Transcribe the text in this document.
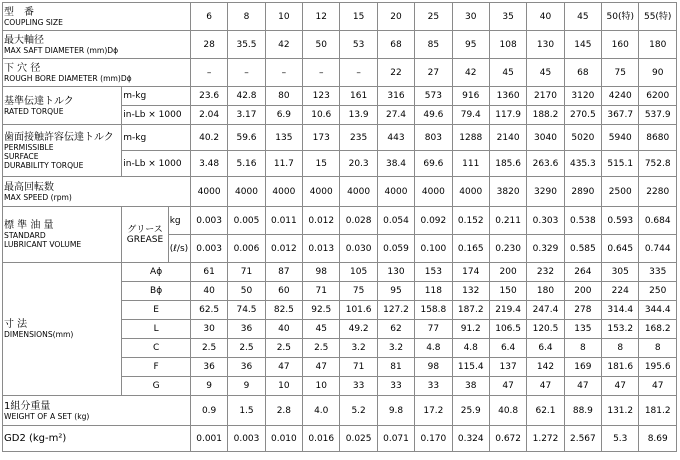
型　番
COUPLING SIZE			6	8	10	12	15	20	25	30	35	40	45	50(特)	55(特)

最大軸径
MAX SAFT DIAMETER (mm)Dϕ			28	35.5	42	50	53	68	85	95	108	130	145	160	180

下 穴 径
ROUGH BORE DIAMETER (mm)Dϕ			–	–	–	–	–	22	27	42	45	45	68	75	90

基準伝達トルク
RATED TORQUE	m-kg		23.6	42.8	80	123	161	316	573	916	1360	2170	3120	4240	6200
	in-Lb × 1000		2.04	3.17	6.9	10.6	13.9	27.4	49.6	79.4	117.9	188.2	270.5	367.7	537.9

歯面接触許容伝達トルク
PERMISSIBLE
SURFACE
DURABILITY TORQUE	m-kg		40.2	59.6	135	173	235	443	803	1288	2140	3040	5020	5940	8680
	in-Lb × 1000		3.48	5.16	11.7	15	20.3	38.4	69.6	111	185.6	263.6	435.3	515.1	752.8

最高回転数
MAX SPEED (rpm)			4000	4000	4000	4000	4000	4000	4000	4000	3820	3290	2890	2500	2280

標 準 油 量
STANDARD
LUBRICANT VOLUME	グリース
GREASE	kg	0.003	0.005	0.011	0.012	0.028	0.054	0.092	0.152	0.211	0.303	0.538	0.593	0.684
		(ℓ/s)	0.003	0.006	0.012	0.013	0.030	0.059	0.100	0.165	0.230	0.329	0.585	0.645	0.744

寸 法
DIMENSIONS(mm)	Aϕ		61	71	87	98	105	130	153	174	200	232	264	305	335
	Bϕ		40	50	60	71	75	95	118	132	150	180	200	224	250
	E		62.5	74.5	82.5	92.5	101.6	127.2	158.8	187.2	219.4	247.4	278	314.4	344.4
	L		30	36	40	45	49.2	62	77	91.2	106.5	120.5	135	153.2	168.2
	C		2.5	2.5	2.5	2.5	3.2	3.2	4.8	4.8	6.4	6.4	8	8	8
	F		36	36	47	47	71	81	98	115.4	137	142	169	181.6	195.6
	G		9	9	10	10	33	33	33	38	47	47	47	47	47

1組分重量
WEIGHT OF A SET (kg)			0.9	1.5	2.8	4.0	5.2	9.8	17.2	25.9	40.8	62.1	88.9	131.2	181.2
GD2 (kg-m²)			0.001	0.003	0.010	0.016	0.025	0.071	0.170	0.324	0.672	1.272	2.567	5.3	8.69
